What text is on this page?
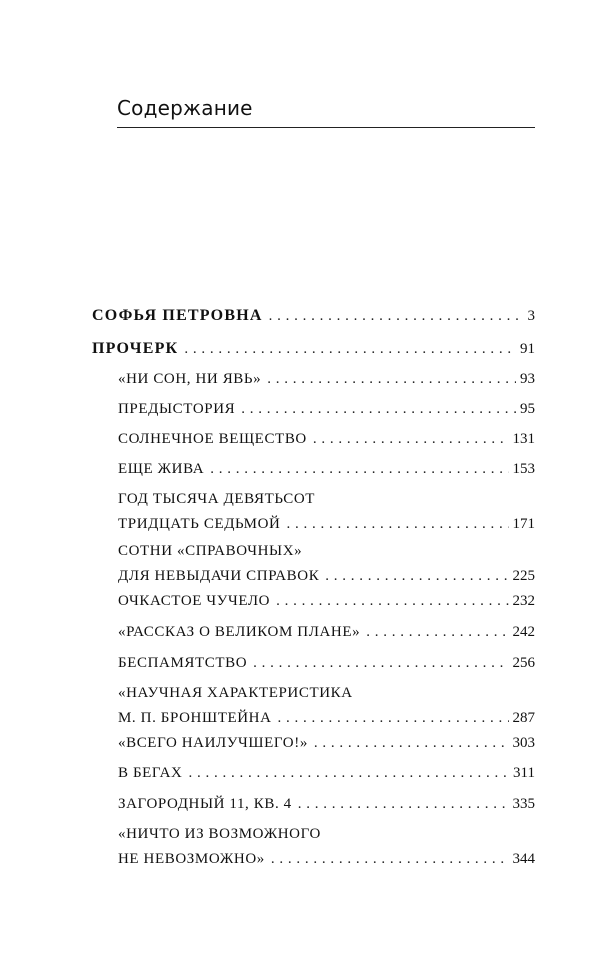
Содержание
СОФЬЯ ПЕТРОВНА . . .	3
ПРОЧЕРК . . .	91
«НИ СОН, НИ ЯВЬ» . . .	93
ПРЕДЫСТОРИЯ . . .	95
СОЛНЕЧНОЕ ВЕЩЕСТВО . . .	131
ЕЩЕ ЖИВА . . .	153
ГОД ТЫСЯЧА ДЕВЯТЬСОТ
ТРИДЦАТЬ СЕДЬМОЙ . . .	171
СОТНИ «СПРАВОЧНЫХ»
ДЛЯ НЕВЫДАЧИ СПРАВОК . . .	225
ОЧКАСТОЕ ЧУЧЕЛО . . .	232
«РАССКАЗ О ВЕЛИКОМ ПЛАНЕ» . . .	242
БЕСПАМЯТСТВО . . .	256
«НАУЧНАЯ ХАРАКТЕРИСТИКА
М. П. БРОНШТЕЙНА . . .	287
«ВСЕГО НАИЛУЧШЕГО!» . . .	303
В БЕГАХ . . .	311
ЗАГОРОДНЫЙ 11, КВ. 4 . . .	335
«НИЧТО ИЗ ВОЗМОЖНОГО
НЕ НЕВОЗМОЖНО» . . .	344
